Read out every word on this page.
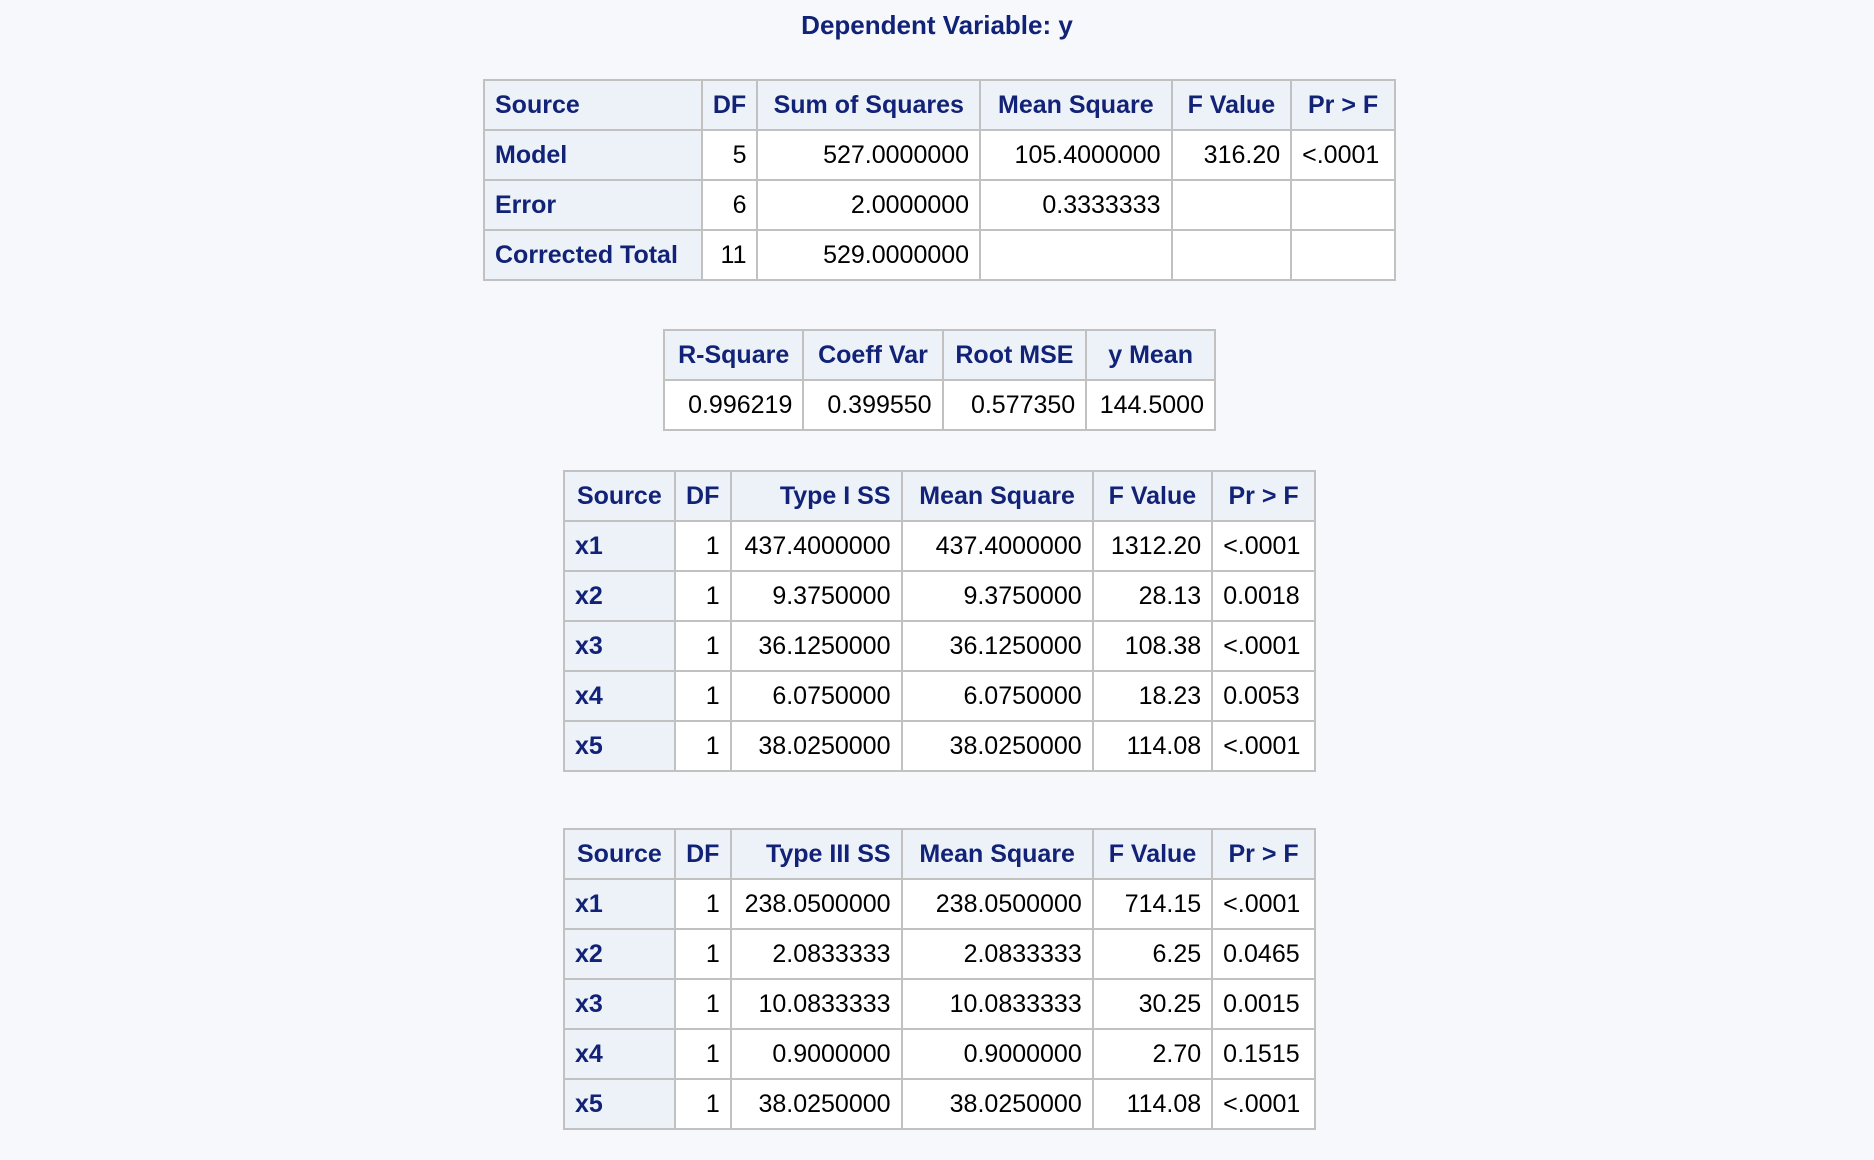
Dependent Variable: y
Source	DF	Sum of Squares	Mean Square	F Value	Pr > F
Model	5	527.0000000	105.4000000	316.20	<.0001
Error	6	2.0000000	0.3333333		
Corrected Total	11	529.0000000			
R-Square	Coeff Var	Root MSE	y Mean
0.996219	0.399550	0.577350	144.5000
Source	DF	Type I SS	Mean Square	F Value	Pr > F
x1	1	437.4000000	437.4000000	1312.20	<.0001
x2	1	9.3750000	9.3750000	28.13	0.0018
x3	1	36.1250000	36.1250000	108.38	<.0001
x4	1	6.0750000	6.0750000	18.23	0.0053
x5	1	38.0250000	38.0250000	114.08	<.0001
Source	DF	Type III SS	Mean Square	F Value	Pr > F
x1	1	238.0500000	238.0500000	714.15	<.0001
x2	1	2.0833333	2.0833333	6.25	0.0465
x3	1	10.0833333	10.0833333	30.25	0.0015
x4	1	0.9000000	0.9000000	2.70	0.1515
x5	1	38.0250000	38.0250000	114.08	<.0001
